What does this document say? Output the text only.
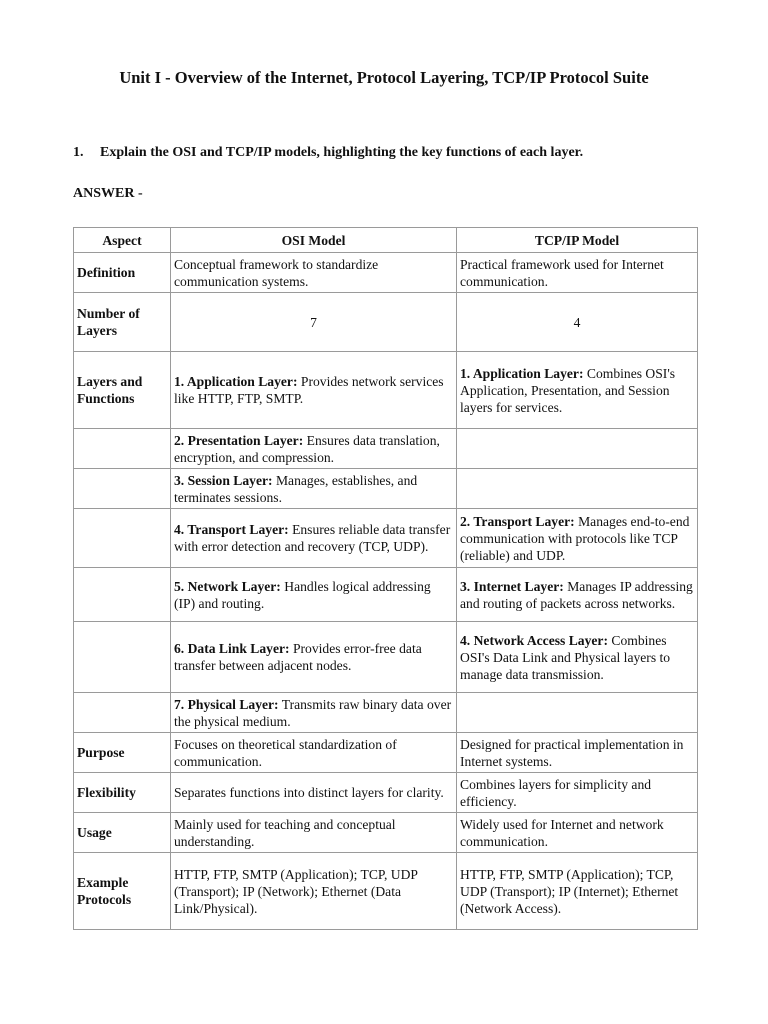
Unit I - Overview of the Internet, Protocol Layering, TCP/IP Protocol Suite
1. Explain the OSI and TCP/IP models, highlighting the key functions of each layer.
ANSWER -
Aspect	OSI Model	TCP/IP Model
Definition	Conceptual framework to standardize communication systems.	Practical framework used for Internet communication.
Number of Layers	7	4
Layers and Functions	1. Application Layer: Provides network services like HTTP, FTP, SMTP.	1. Application Layer: Combines OSI's Application, Presentation, and Session layers for services.
	2. Presentation Layer: Ensures data translation, encryption, and compression.	
	3. Session Layer: Manages, establishes, and terminates sessions.	
	4. Transport Layer: Ensures reliable data transfer with error detection and recovery (TCP, UDP).	2. Transport Layer: Manages end-to-end communication with protocols like TCP (reliable) and UDP.
	5. Network Layer: Handles logical addressing (IP) and routing.	3. Internet Layer: Manages IP addressing and routing of packets across networks.
	6. Data Link Layer: Provides error-free data transfer between adjacent nodes.	4. Network Access Layer: Combines OSI's Data Link and Physical layers to manage data transmission.
	7. Physical Layer: Transmits raw binary data over the physical medium.	
Purpose	Focuses on theoretical standardization of communication.	Designed for practical implementation in Internet systems.
Flexibility	Separates functions into distinct layers for clarity.	Combines layers for simplicity and efficiency.
Usage	Mainly used for teaching and conceptual understanding.	Widely used for Internet and network communication.
Example Protocols	HTTP, FTP, SMTP (Application); TCP, UDP (Transport); IP (Network); Ethernet (Data Link/Physical).	HTTP, FTP, SMTP (Application); TCP, UDP (Transport); IP (Internet); Ethernet (Network Access).
